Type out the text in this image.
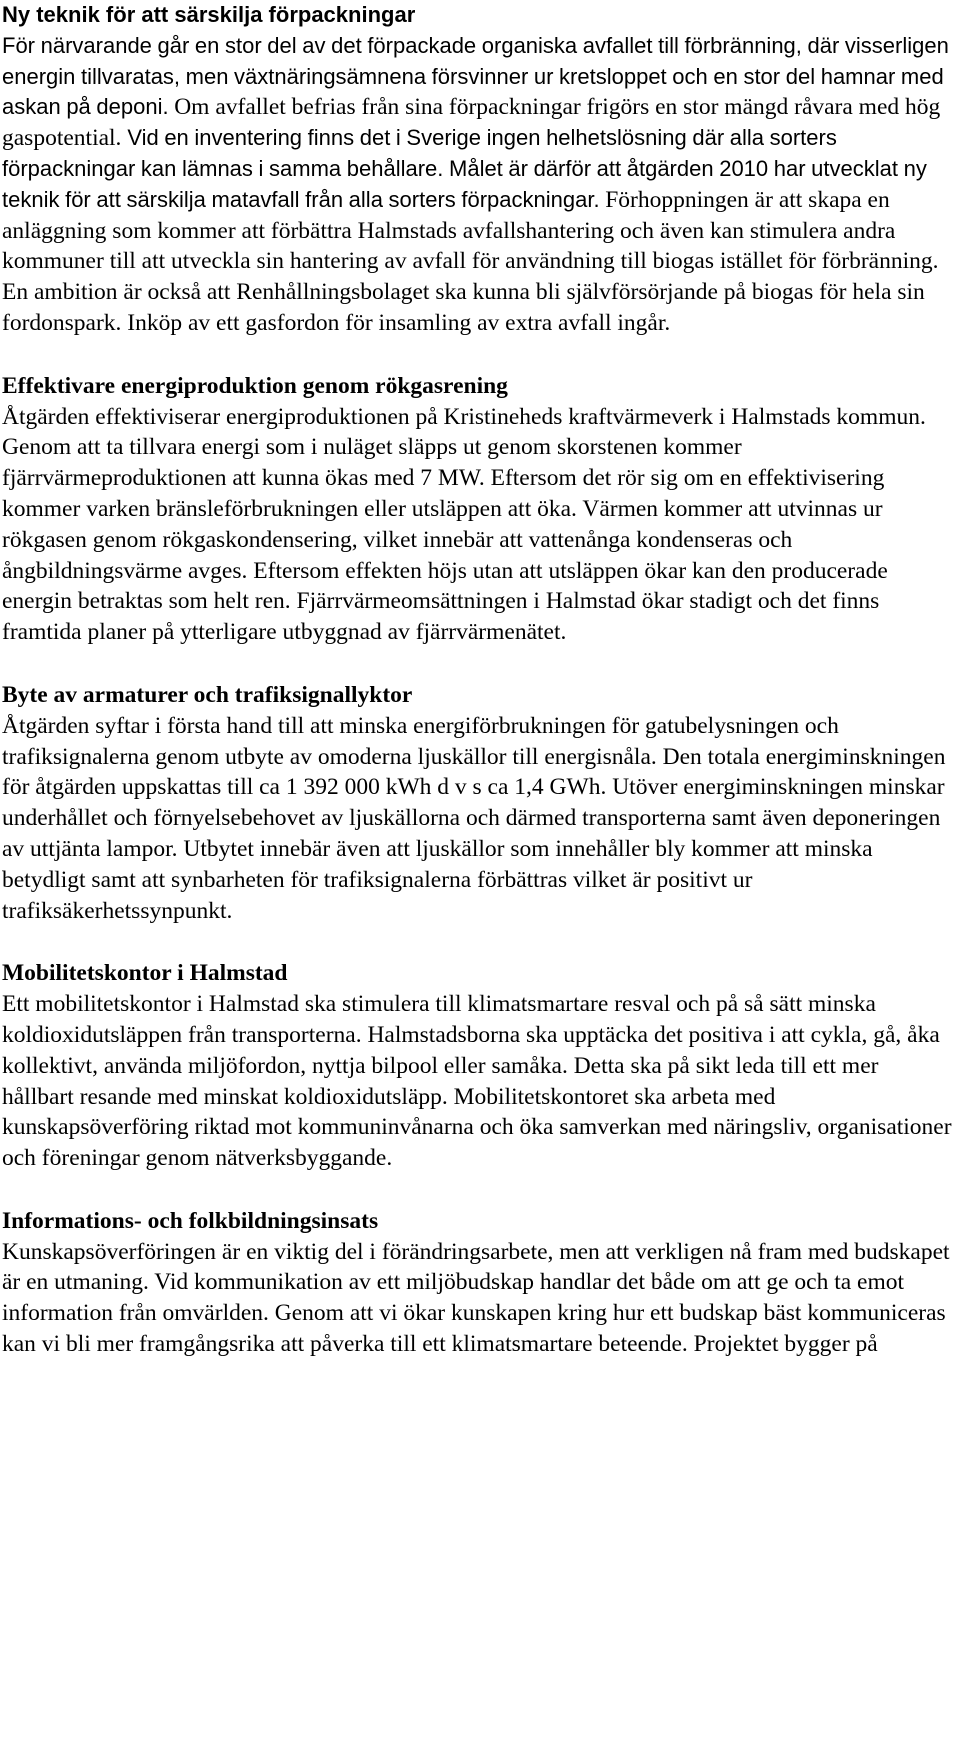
Ny teknik för att särskilja förpackningar

För närvarande går en stor del av det förpackade organiska avfallet till förbränning, där visserligen energin tillvaratas, men växtnäringsämnena försvinner ur kretsloppet och en stor del hamnar med askan på deponi. Om avfallet befrias från sina förpackningar frigörs en stor mängd råvara med hög gaspotential. Vid en inventering finns det i Sverige ingen helhetslösning där alla sorters förpackningar kan lämnas i samma behållare. Målet är därför att åtgärden 2010 har utvecklat ny teknik för att särskilja matavfall från alla sorters förpackningar. Förhoppningen är att skapa en anläggning som kommer att förbättra Halmstads avfallshantering och även kan stimulera andra kommuner till att utveckla sin hantering av avfall för användning till biogas istället för förbränning. En ambition är också att Renhållningsbolaget ska kunna bli självförsörjande på biogas för hela sin fordonspark. Inköp av ett gasfordon för insamling av extra avfall ingår.

Effektivare energiproduktion genom rökgasrening

Åtgärden effektiviserar energiproduktionen på Kristineheds kraftvärmeverk i Halmstads kommun. Genom att ta tillvara energi som i nuläget släpps ut genom skorstenen kommer fjärrvärmeproduktionen att kunna ökas med 7 MW. Eftersom det rör sig om en effektivisering kommer varken bränsleförbrukningen eller utsläppen att öka. Värmen kommer att utvinnas ur rökgasen genom rökgaskondensering, vilket innebär att vattenånga kondenseras och ångbildningsvärme avges. Eftersom effekten höjs utan att utsläppen ökar kan den producerade energin betraktas som helt ren. Fjärrvärmeomsättningen i Halmstad ökar stadigt och det finns framtida planer på ytterligare utbyggnad av fjärrvärmenätet.

Byte av armaturer och trafiksignallyktor

Åtgärden syftar i första hand till att minska energiförbrukningen för gatubelysningen och trafiksignalerna genom utbyte av omoderna ljuskällor till energisnåla. Den totala energiminskningen för åtgärden uppskattas till ca 1 392 000 kWh d v s ca 1,4 GWh. Utöver energiminskningen minskar underhållet och förnyelsebehovet av ljuskällorna och därmed transporterna samt även deponeringen av uttjänta lampor. Utbytet innebär även att ljuskällor som innehåller bly kommer att minska betydligt samt att synbarheten för trafiksignalerna förbättras vilket är positivt ur trafiksäkerhetssynpunkt.

Mobilitetskontor i Halmstad

Ett mobilitetskontor i Halmstad ska stimulera till klimatsmartare resval och på så sätt minska koldioxidutsläppen från transporterna. Halmstadsborna ska upptäcka det positiva i att cykla, gå, åka kollektivt, använda miljöfordon, nyttja bilpool eller samåka. Detta ska på sikt leda till ett mer hållbart resande med minskat koldioxidutsläpp. Mobilitetskontoret ska arbeta med kunskapsöverföring riktad mot kommuninvånarna och öka samverkan med näringsliv, organisationer och föreningar genom nätverksbyggande.

Informations- och folkbildningsinsats

Kunskapsöverföringen är en viktig del i förändringsarbete, men att verkligen nå fram med budskapet är en utmaning. Vid kommunikation av ett miljöbudskap handlar det både om att ge och ta emot information från omvärlden. Genom att vi ökar kunskapen kring hur ett budskap bäst kommuniceras kan vi bli mer framgångsrika att påverka till ett klimatsmartare beteende. Projektet bygger på
